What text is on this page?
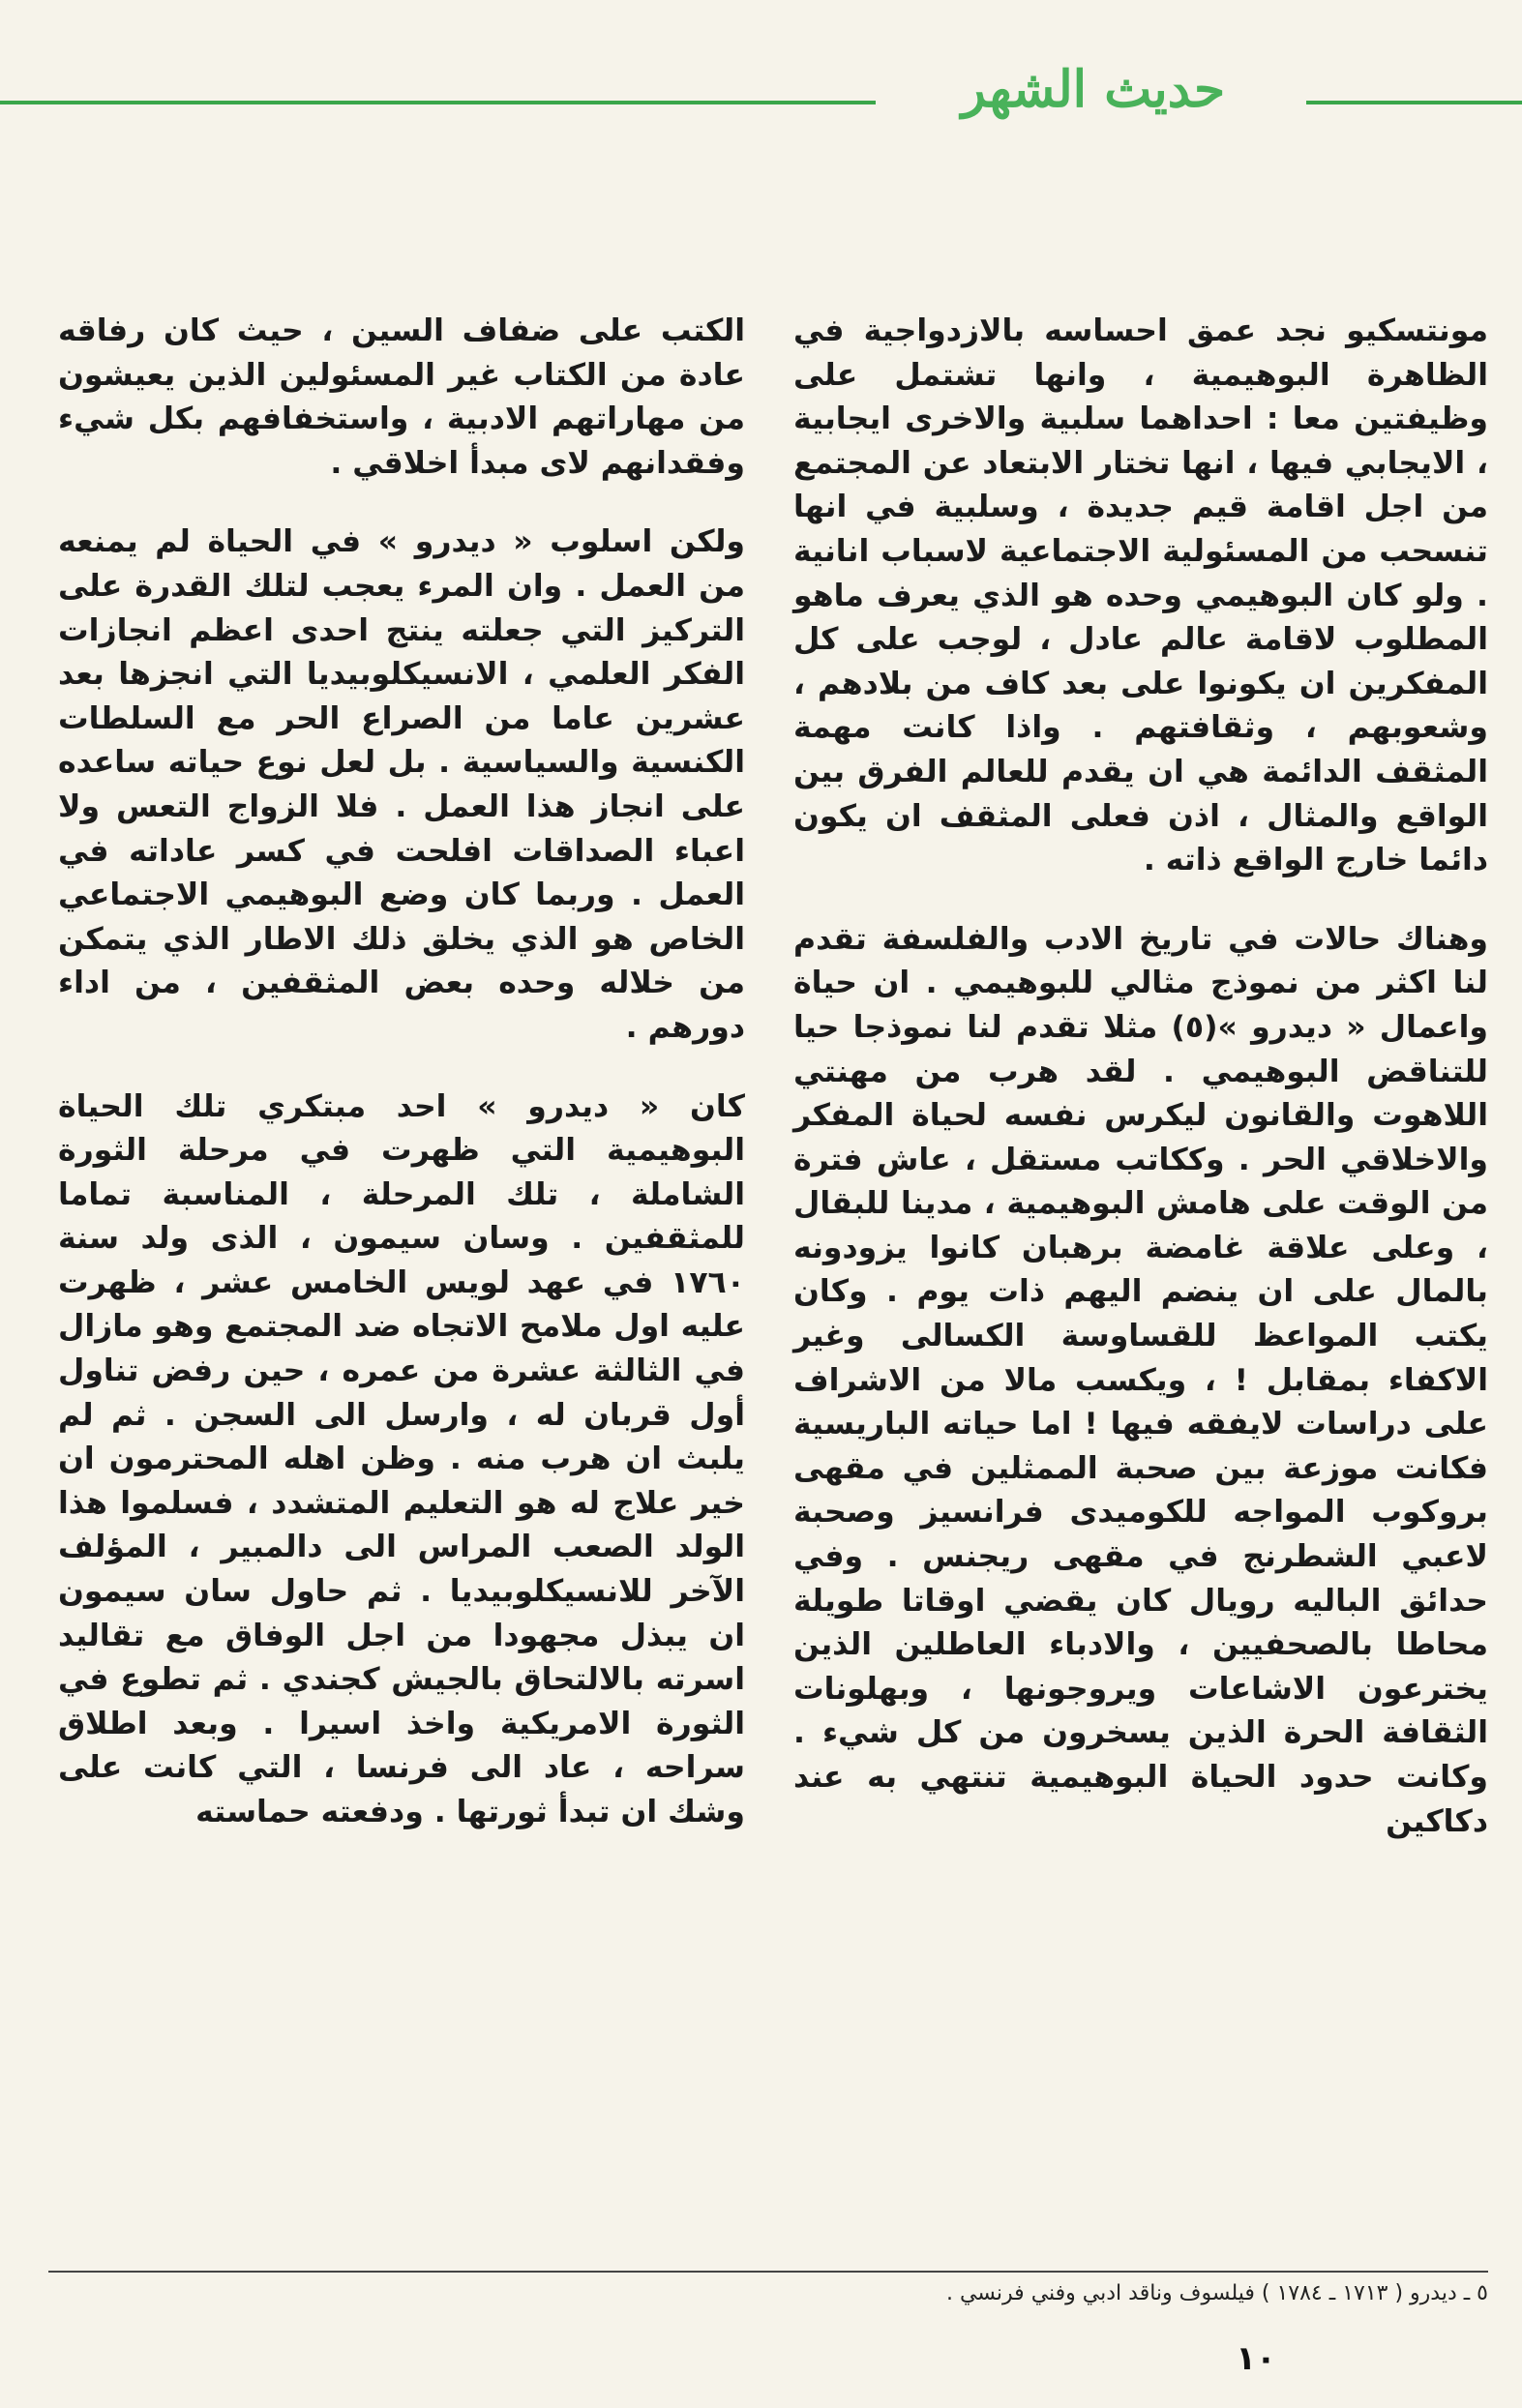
حديث الشهر

مونتسكيو نجد عمق احساسه بالازدواجية في الظاهرة البوهيمية ، وانها تشتمل على وظيفتين معا : احداهما سلبية والاخرى ايجابية ، الايجابي فيها ، انها تختار الابتعاد عن المجتمع من اجل اقامة قيم جديدة ، وسلبية في انها تنسحب من المسئولية الاجتماعية لاسباب انانية . ولو كان البوهيمي وحده هو الذي يعرف ماهو المطلوب لاقامة عالم عادل ، لوجب على كل المفكرين ان يكونوا على بعد كاف من بلادهم ، وشعوبهم ، وثقافتهم . واذا كانت مهمة المثقف الدائمة هي ان يقدم للعالم الفرق بين الواقع والمثال ، اذن فعلى المثقف ان يكون دائما خارج الواقع ذاته .

وهناك حالات في تاريخ الادب والفلسفة تقدم لنا اكثر من نموذج مثالي للبوهيمي . ان حياة واعمال « ديدرو »(٥) مثلا تقدم لنا نموذجا حيا للتناقض البوهيمي . لقد هرب من مهنتي اللاهوت والقانون ليكرس نفسه لحياة المفكر والاخلاقي الحر . وككاتب مستقل ، عاش فترة من الوقت على هامش البوهيمية ، مدينا للبقال ، وعلى علاقة غامضة برهبان كانوا يزودونه بالمال على ان ينضم اليهم ذات يوم . وكان يكتب المواعظ للقساوسة الكسالى وغير الاكفاء بمقابل ! ، ويكسب مالا من الاشراف على دراسات لايفقه فيها ! اما حياته الباريسية فكانت موزعة بين صحبة الممثلين في مقهى بروكوب المواجه للكوميدى فرانسيز وصحبة لاعبي الشطرنج في مقهى ريجنس . وفي حدائق الباليه رويال كان يقضي اوقاتا طويلة محاطا بالصحفيين ، والادباء العاطلين الذين يخترعون الاشاعات ويروجونها ، وبهلونات الثقافة الحرة الذين يسخرون من كل شيء . وكانت حدود الحياة البوهيمية تنتهي به عند دكاكين

الكتب على ضفاف السين ، حيث كان رفاقه عادة من الكتاب غير المسئولين الذين يعيشون من مهاراتهم الادبية ، واستخفافهم بكل شيء وفقدانهم لاى مبدأ اخلاقي .

ولكن اسلوب « ديدرو » في الحياة لم يمنعه من العمل . وان المرء يعجب لتلك القدرة على التركيز التي جعلته ينتج احدى اعظم انجازات الفكر العلمي ، الانسيكلوبيديا التي انجزها بعد عشرين عاما من الصراع الحر مع السلطات الكنسية والسياسية . بل لعل نوع حياته ساعده على انجاز هذا العمل . فلا الزواج التعس ولا اعباء الصداقات افلحت في كسر عاداته في العمل . وربما كان وضع البوهيمي الاجتماعي الخاص هو الذي يخلق ذلك الاطار الذي يتمكن من خلاله وحده بعض المثقفين ، من اداء دورهم .

كان « ديدرو » احد مبتكري تلك الحياة البوهيمية التي ظهرت في مرحلة الثورة الشاملة ، تلك المرحلة ، المناسبة تماما للمثقفين . وسان سيمون ، الذى ولد سنة ١٧٦٠ في عهد لويس الخامس عشر ، ظهرت عليه اول ملامح الاتجاه ضد المجتمع وهو مازال في الثالثة عشرة من عمره ، حين رفض تناول أول قربان له ، وارسل الى السجن . ثم لم يلبث ان هرب منه . وظن اهله المحترمون ان خير علاج له هو التعليم المتشدد ، فسلموا هذا الولد الصعب المراس الى دالمبير ، المؤلف الآخر للانسيكلوبيديا . ثم حاول سان سيمون ان يبذل مجهودا من اجل الوفاق مع تقاليد اسرته بالالتحاق بالجيش كجندي . ثم تطوع في الثورة الامريكية واخذ اسيرا . وبعد اطلاق سراحه ، عاد الى فرنسا ، التي كانت على وشك ان تبدأ ثورتها . ودفعته حماسته

٥ ـ ديدرو ( ١٧١٣ ـ ١٧٨٤ ) فيلسوف وناقد ادبي وفني فرنسي .
١٠
